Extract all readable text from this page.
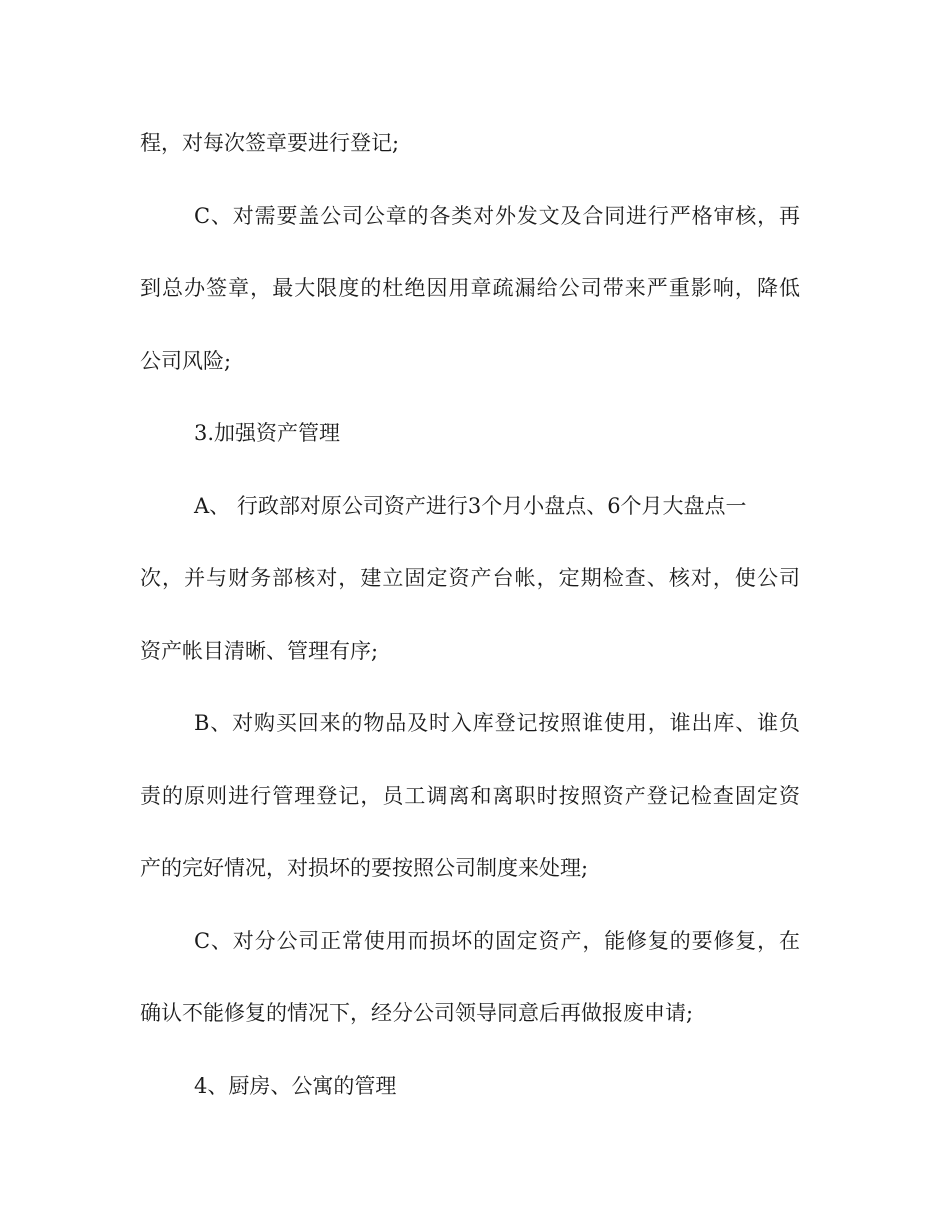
程，对每次签章要进行登记;
C、对需要盖公司公章的各类对外发文及合同进行严格审核，再
到总办签章，最大限度的杜绝因用章疏漏给公司带来严重影响，降低
公司风险;
3.加强资产管理
A、 行政部对原公司资产进行3个月小盘点、6个月大盘点一
次，并与财务部核对，建立固定资产台帐，定期检查、核对，使公司
资产帐目清晰、管理有序;
B、对购买回来的物品及时入库登记按照谁使用，谁出库、谁负
责的原则进行管理登记，员工调离和离职时按照资产登记检查固定资
产的完好情况，对损坏的要按照公司制度来处理;
C、对分公司正常使用而损坏的固定资产，能修复的要修复，在
确认不能修复的情况下，经分公司领导同意后再做报废申请;
4、厨房、公寓的管理
